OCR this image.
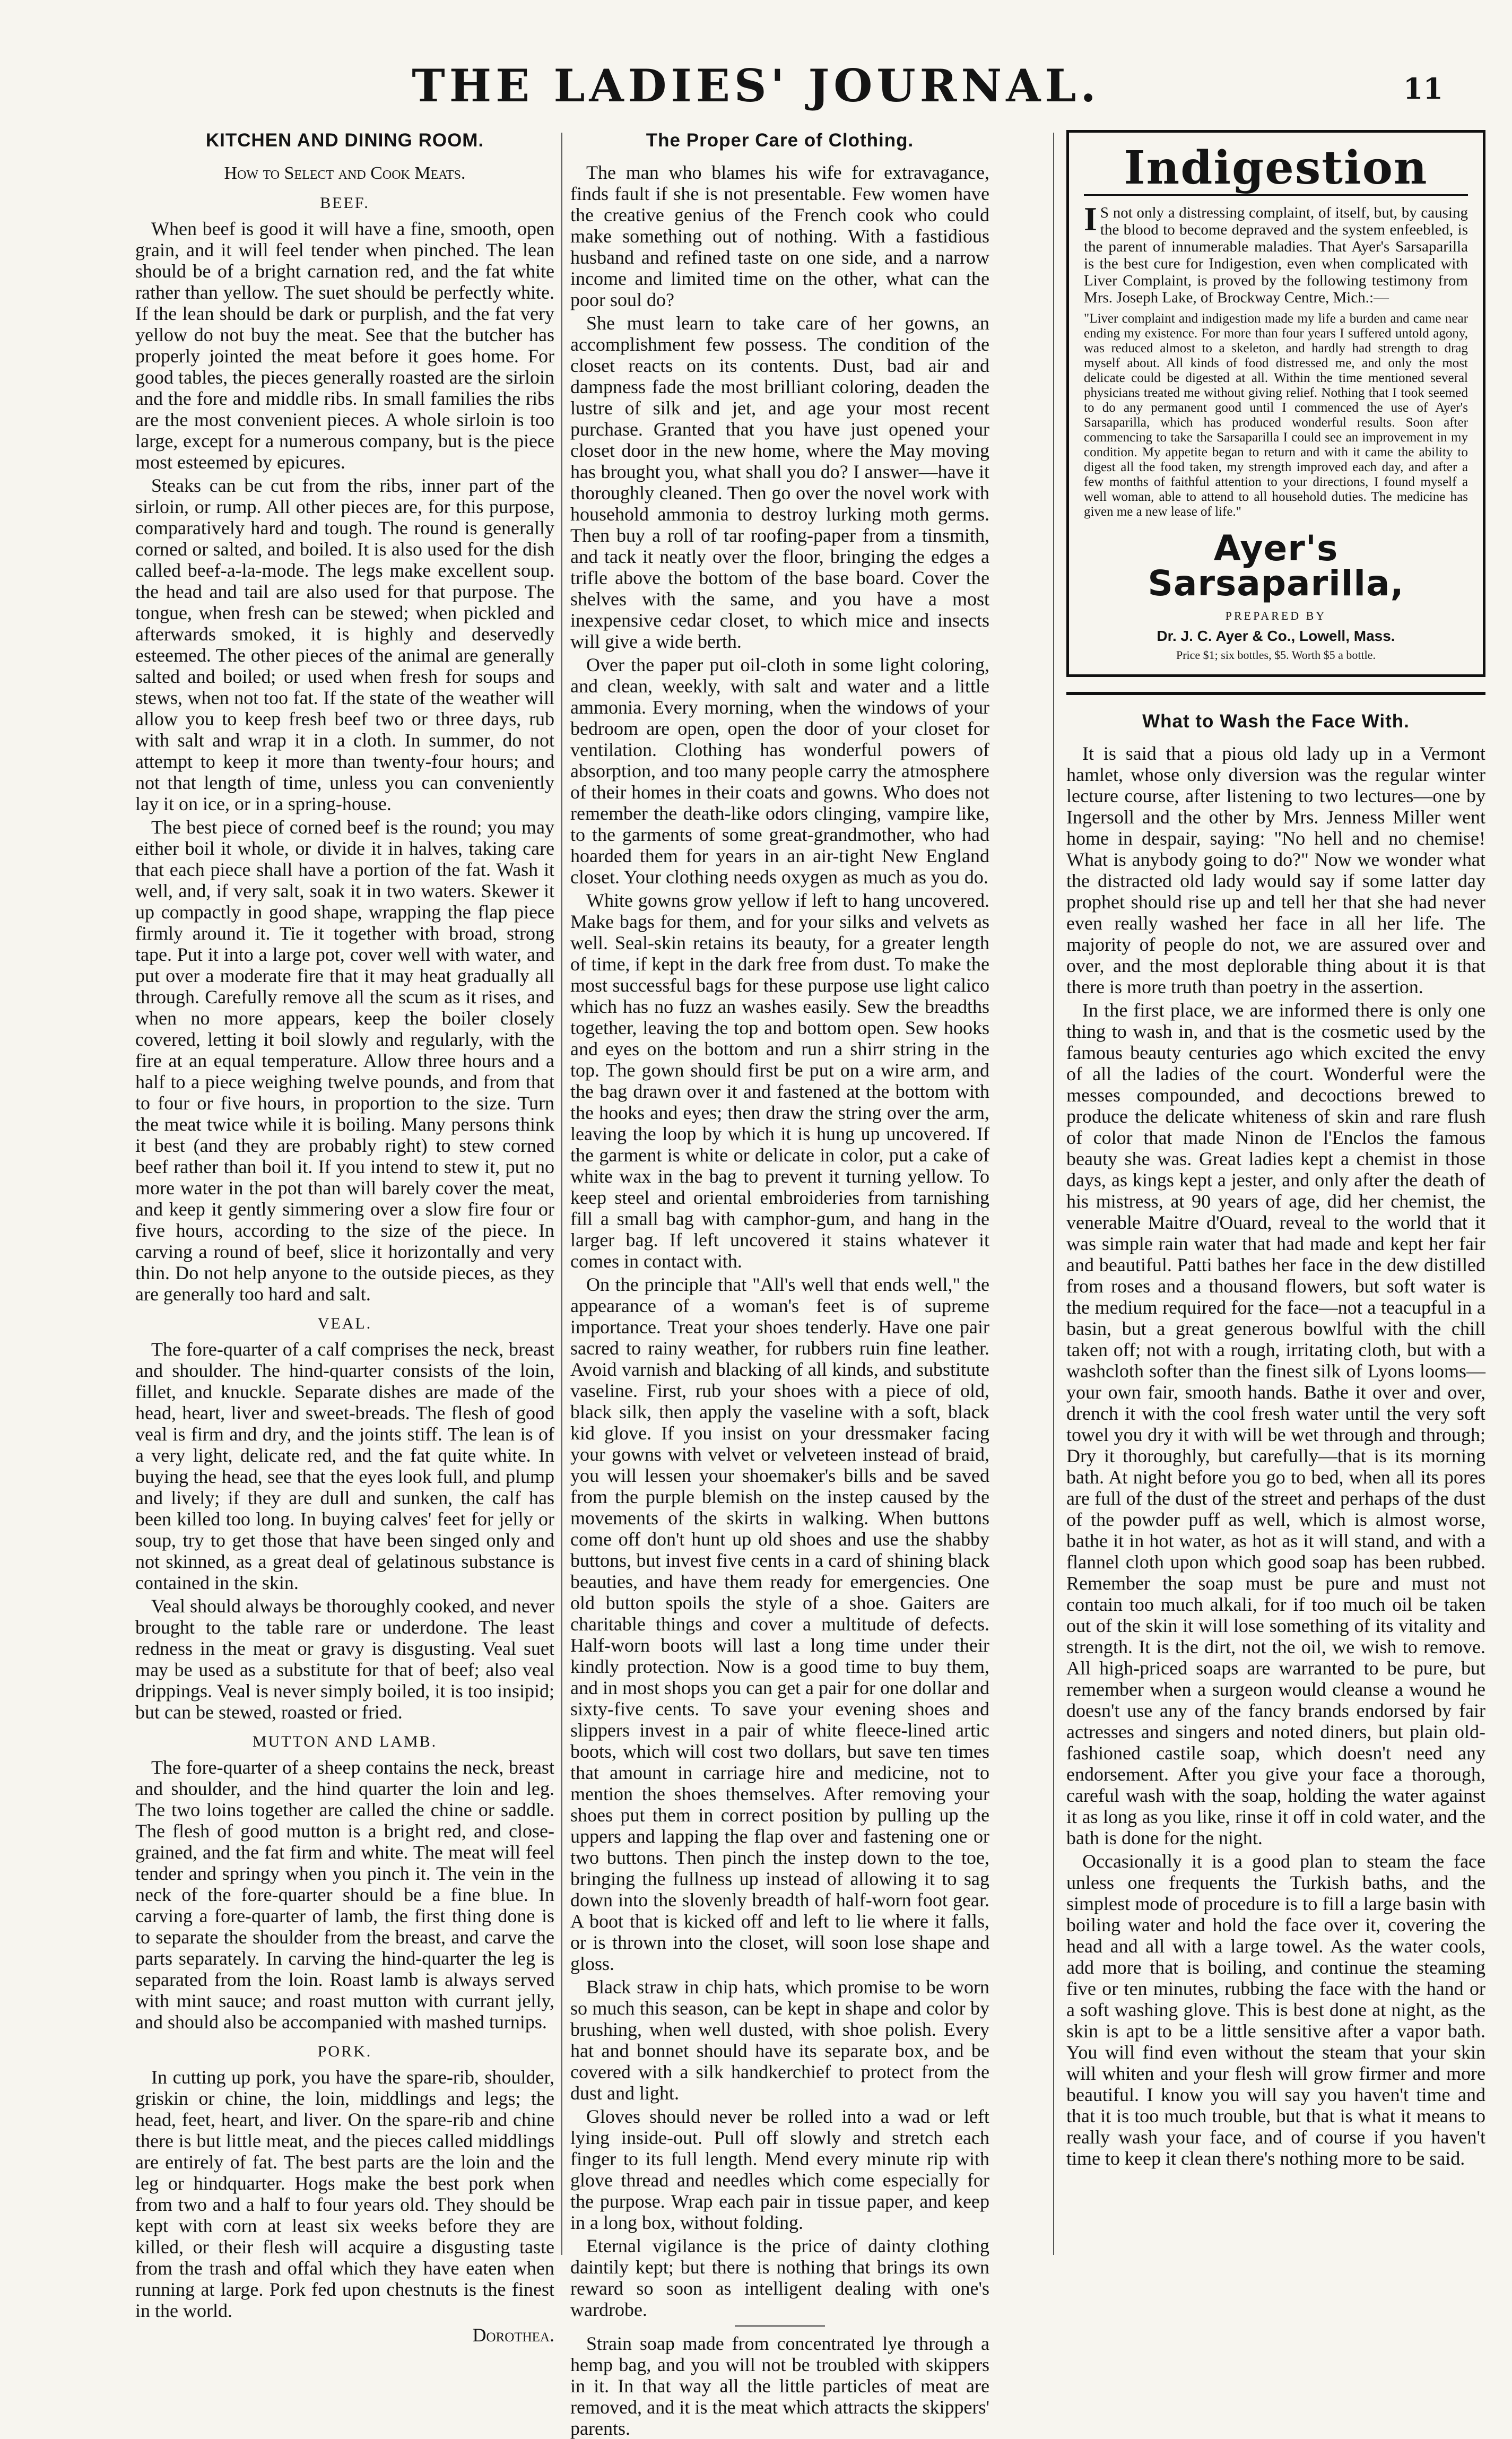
THE LADIES' JOURNAL.	11
KITCHEN AND DINING ROOM.
How to Select and Cook Meats.
BEEF.

When beef is good it will have a fine, smooth, open grain, and it will feel tender when pinched. The lean should be of a bright carnation red, and the fat white rather than yellow. The suet should be perfectly white. If the lean should be dark or purplish, and the fat very yellow do not buy the meat. See that the butcher has properly jointed the meat before it goes home. For good tables, the pieces generally roasted are the sirloin and the fore and middle ribs. In small families the ribs are the most convenient pieces. A whole sirloin is too large, except for a numerous company, but is the piece most esteemed by epicures.

Steaks can be cut from the ribs, inner part of the sirloin, or rump. All other pieces are, for this purpose, comparatively hard and tough. The round is generally corned or salted, and boiled. It is also used for the dish called beef-a-la-mode. The legs make excellent soup. the head and tail are also used for that purpose. The tongue, when fresh can be stewed; when pickled and afterwards smoked, it is highly and deservedly esteemed. The other pieces of the animal are generally salted and boiled; or used when fresh for soups and stews, when not too fat. If the state of the weather will allow you to keep fresh beef two or three days, rub with salt and wrap it in a cloth. In summer, do not attempt to keep it more than twenty-four hours; and not that length of time, unless you can conveniently lay it on ice, or in a spring-house.

The best piece of corned beef is the round; you may either boil it whole, or divide it in halves, taking care that each piece shall have a portion of the fat. Wash it well, and, if very salt, soak it in two waters. Skewer it up compactly in good shape, wrapping the flap piece firmly around it. Tie it together with broad, strong tape. Put it into a large pot, cover well with water, and put over a moderate fire that it may heat gradually all through. Carefully remove all the scum as it rises, and when no more appears, keep the boiler closely covered, letting it boil slowly and regularly, with the fire at an equal temperature. Allow three hours and a half to a piece weighing twelve pounds, and from that to four or five hours, in proportion to the size. Turn the meat twice while it is boiling. Many persons think it best (and they are probably right) to stew corned beef rather than boil it. If you intend to stew it, put no more water in the pot than will barely cover the meat, and keep it gently simmering over a slow fire four or five hours, according to the size of the piece. In carving a round of beef, slice it horizontally and very thin. Do not help anyone to the outside pieces, as they are generally too hard and salt.

VEAL.

The fore-quarter of a calf comprises the neck, breast and shoulder. The hind-quarter consists of the loin, fillet, and knuckle. Separate dishes are made of the head, heart, liver and sweet-breads. The flesh of good veal is firm and dry, and the joints stiff. The lean is of a very light, delicate red, and the fat quite white. In buying the head, see that the eyes look full, and plump and lively; if they are dull and sunken, the calf has been killed too long. In buying calves' feet for jelly or soup, try to get those that have been singed only and not skinned, as a great deal of gelatinous substance is contained in the skin.

Veal should always be thoroughly cooked, and never brought to the table rare or underdone. The least redness in the meat or gravy is disgusting. Veal suet may be used as a substitute for that of beef; also veal drippings. Veal is never simply boiled, it is too insipid; but can be stewed, roasted or fried.

MUTTON AND LAMB.

The fore-quarter of a sheep contains the neck, breast and shoulder, and the hind quarter the loin and leg. The two loins together are called the chine or saddle. The flesh of good mutton is a bright red, and close-grained, and the fat firm and white. The meat will feel tender and springy when you pinch it. The vein in the neck of the fore-quarter should be a fine blue. In carving a fore-quarter of lamb, the first thing done is to separate the shoulder from the breast, and carve the parts separately. In carving the hind-quarter the leg is separated from the loin. Roast lamb is always served with mint sauce; and roast mutton with currant jelly, and should also be accompanied with mashed turnips.

PORK.

In cutting up pork, you have the spare-rib, shoulder, griskin or chine, the loin, middlings and legs; the head, feet, heart, and liver. On the spare-rib and chine there is but little meat, and the pieces called middlings are entirely of fat. The best parts are the loin and the leg or hindquarter. Hogs make the best pork when from two and a half to four years old. They should be kept with corn at least six weeks before they are killed, or their flesh will acquire a disgusting taste from the trash and offal which they have eaten when running at large. Pork fed upon chestnuts is the finest in the world.

Dorothea.
The Proper Care of Clothing.

The man who blames his wife for extravagance, finds fault if she is not presentable. Few women have the creative genius of the French cook who could make something out of nothing. With a fastidious husband and refined taste on one side, and a narrow income and limited time on the other, what can the poor soul do?

She must learn to take care of her gowns, an accomplishment few possess. The condition of the closet reacts on its contents. Dust, bad air and dampness fade the most brilliant coloring, deaden the lustre of silk and jet, and age your most recent purchase. Granted that you have just opened your closet door in the new home, where the May moving has brought you, what shall you do? I answer—have it thoroughly cleaned. Then go over the novel work with household ammonia to destroy lurking moth germs. Then buy a roll of tar roofing-paper from a tinsmith, and tack it neatly over the floor, bringing the edges a trifle above the bottom of the base board. Cover the shelves with the same, and you have a most inexpensive cedar closet, to which mice and insects will give a wide berth.

Over the paper put oil-cloth in some light coloring, and clean, weekly, with salt and water and a little ammonia. Every morning, when the windows of your bedroom are open, open the door of your closet for ventilation. Clothing has wonderful powers of absorption, and too many people carry the atmosphere of their homes in their coats and gowns. Who does not remember the death-like odors clinging, vampire like, to the garments of some great-grandmother, who had hoarded them for years in an air-tight New England closet. Your clothing needs oxygen as much as you do.

White gowns grow yellow if left to hang uncovered. Make bags for them, and for your silks and velvets as well. Seal-skin retains its beauty, for a greater length of time, if kept in the dark free from dust. To make the most successful bags for these purpose use light calico which has no fuzz an washes easily. Sew the breadths together, leaving the top and bottom open. Sew hooks and eyes on the bottom and run a shirr string in the top. The gown should first be put on a wire arm, and the bag drawn over it and fastened at the bottom with the hooks and eyes; then draw the string over the arm, leaving the loop by which it is hung up uncovered. If the garment is white or delicate in color, put a cake of white wax in the bag to prevent it turning yellow. To keep steel and oriental embroideries from tarnishing fill a small bag with camphor-gum, and hang in the larger bag. If left uncovered it stains whatever it comes in contact with.

On the principle that "All's well that ends well," the appearance of a woman's feet is of supreme importance. Treat your shoes tenderly. Have one pair sacred to rainy weather, for rubbers ruin fine leather. Avoid varnish and blacking of all kinds, and substitute vaseline. First, rub your shoes with a piece of old, black silk, then apply the vaseline with a soft, black kid glove. If you insist on your dressmaker facing your gowns with velvet or velveteen instead of braid, you will lessen your shoemaker's bills and be saved from the purple blemish on the instep caused by the movements of the skirts in walking. When buttons come off don't hunt up old shoes and use the shabby buttons, but invest five cents in a card of shining black beauties, and have them ready for emergencies. One old button spoils the style of a shoe. Gaiters are charitable things and cover a multitude of defects. Half-worn boots will last a long time under their kindly protection. Now is a good time to buy them, and in most shops you can get a pair for one dollar and sixty-five cents. To save your evening shoes and slippers invest in a pair of white fleece-lined artic boots, which will cost two dollars, but save ten times that amount in carriage hire and medicine, not to mention the shoes themselves. After removing your shoes put them in correct position by pulling up the uppers and lapping the flap over and fastening one or two buttons. Then pinch the instep down to the toe, bringing the fullness up instead of allowing it to sag down into the slovenly breadth of half-worn foot gear. A boot that is kicked off and left to lie where it falls, or is thrown into the closet, will soon lose shape and gloss.

Black straw in chip hats, which promise to be worn so much this season, can be kept in shape and color by brushing, when well dusted, with shoe polish. Every hat and bonnet should have its separate box, and be covered with a silk handkerchief to protect from the dust and light.

Gloves should never be rolled into a wad or left lying inside-out. Pull off slowly and stretch each finger to its full length. Mend every minute rip with glove thread and needles which come especially for the purpose. Wrap each pair in tissue paper, and keep in a long box, without folding.

Eternal vigilance is the price of dainty clothing daintily kept; but there is nothing that brings its own reward so soon as intelligent dealing with one's wardrobe.

Strain soap made from concentrated lye through a hemp bag, and you will not be troubled with skippers in it. In that way all the little particles of meat are removed, and it is the meat which attracts the skippers' parents.

Indigestion

I S not only a distressing complaint, of itself, but, by causing the blood to become depraved and the system enfeebled, is the parent of innumerable maladies. That Ayer's Sarsaparilla is the best cure for Indigestion, even when complicated with Liver Complaint, is proved by the following testimony from Mrs. Joseph Lake, of Brockway Centre, Mich.:—

"Liver complaint and indigestion made my life a burden and came near ending my existence. For more than four years I suffered untold agony, was reduced almost to a skeleton, and hardly had strength to drag myself about. All kinds of food distressed me, and only the most delicate could be digested at all. Within the time mentioned several physicians treated me without giving relief. Nothing that I took seemed to do any permanent good until I commenced the use of Ayer's Sarsaparilla, which has produced wonderful results. Soon after commencing to take the Sarsaparilla I could see an improvement in my condition. My appetite began to return and with it came the ability to digest all the food taken, my strength improved each day, and after a few months of faithful attention to your directions, I found myself a well woman, able to attend to all household duties. The medicine has given me a new lease of life."

Ayer's Sarsaparilla,
PREPARED BY
Dr. J. C. Ayer & Co., Lowell, Mass.
Price $1; six bottles, $5. Worth $5 a bottle.
What to Wash the Face With.

It is said that a pious old lady up in a Vermont hamlet, whose only diversion was the regular winter lecture course, after listening to two lectures—one by Ingersoll and the other by Mrs. Jenness Miller went home in despair, saying: "No hell and no chemise! What is anybody going to do?" Now we wonder what the distracted old lady would say if some latter day prophet should rise up and tell her that she had never even really washed her face in all her life. The majority of people do not, we are assured over and over, and the most deplorable thing about it is that there is more truth than poetry in the assertion.

In the first place, we are informed there is only one thing to wash in, and that is the cosmetic used by the famous beauty centuries ago which excited the envy of all the ladies of the court. Wonderful were the messes compounded, and decoctions brewed to produce the delicate whiteness of skin and rare flush of color that made Ninon de l'Enclos the famous beauty she was. Great ladies kept a chemist in those days, as kings kept a jester, and only after the death of his mistress, at 90 years of age, did her chemist, the venerable Maitre d'Ouard, reveal to the world that it was simple rain water that had made and kept her fair and beautiful. Patti bathes her face in the dew distilled from roses and a thousand flowers, but soft water is the medium required for the face—not a teacupful in a basin, but a great generous bowlful with the chill taken off; not with a rough, irritating cloth, but with a washcloth softer than the finest silk of Lyons looms—your own fair, smooth hands. Bathe it over and over, drench it with the cool fresh water until the very soft towel you dry it with will be wet through and through; Dry it thoroughly, but carefully—that is its morning bath. At night before you go to bed, when all its pores are full of the dust of the street and perhaps of the dust of the powder puff as well, which is almost worse, bathe it in hot water, as hot as it will stand, and with a flannel cloth upon which good soap has been rubbed. Remember the soap must be pure and must not contain too much alkali, for if too much oil be taken out of the skin it will lose something of its vitality and strength. It is the dirt, not the oil, we wish to remove. All high-priced soaps are warranted to be pure, but remember when a surgeon would cleanse a wound he doesn't use any of the fancy brands endorsed by fair actresses and singers and noted diners, but plain old-fashioned castile soap, which doesn't need any endorsement. After you give your face a thorough, careful wash with the soap, holding the water against it as long as you like, rinse it off in cold water, and the bath is done for the night.

Occasionally it is a good plan to steam the face unless one frequents the Turkish baths, and the simplest mode of procedure is to fill a large basin with boiling water and hold the face over it, covering the head and all with a large towel. As the water cools, add more that is boiling, and continue the steaming five or ten minutes, rubbing the face with the hand or a soft washing glove. This is best done at night, as the skin is apt to be a little sensitive after a vapor bath. You will find even without the steam that your skin will whiten and your flesh will grow firmer and more beautiful. I know you will say you haven't time and that it is too much trouble, but that is what it means to really wash your face, and of course if you haven't time to keep it clean there's nothing more to be said.
